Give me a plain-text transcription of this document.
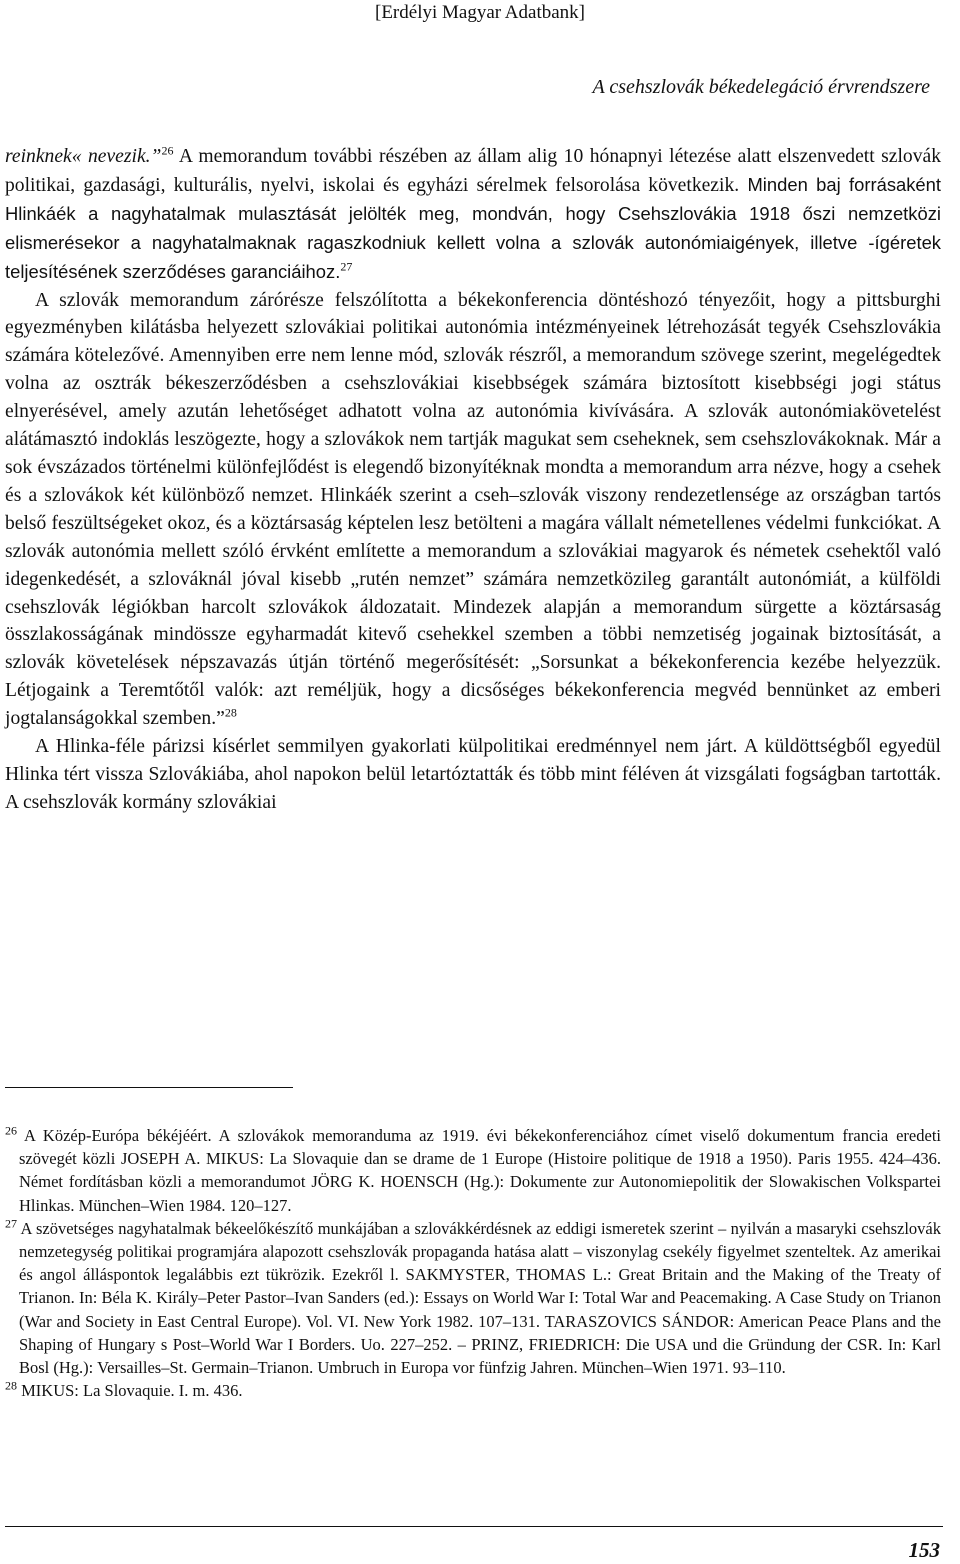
[Erdélyi Magyar Adatbank]
A csehszlovák békedelegáció érvrendszere

reinknek« nevezik.”$^{26}$ A memorandum további részében az állam alig 10 hónapnyi létezése alatt elszenvedett szlovák politikai, gazdasági, kulturális, nyelvi, iskolai és egyházi sérelmek felsorolása következik. Minden baj forrásaként Hlinkáék a nagyhatalmak mulasztását jelölték meg, mondván, hogy Csehszlovákia 1918 őszi nemzetközi elismerésekor a nagyhatalmaknak ragaszkodniuk kellett volna a szlovák autonómiaigények, illetve -ígéretek teljesítésének szerződéses garanciáihoz.$^{27}$

A szlovák memorandum zárórésze felszólította a békekonferencia döntéshozó tényezőit, hogy a pittsburghi egyezményben kilátásba helyezett szlovákiai politikai autonómia intézményeinek létrehozását tegyék Csehszlovákia számára kötelezővé. Amennyiben erre nem lenne mód, szlovák részről, a memorandum szövege szerint, megelégedtek volna az osztrák békeszerződésben a csehszlovákiai kisebbségek számára biztosított kisebbségi jogi státus elnyerésével, amely azután lehetőséget adhatott volna az autonómia kivívására. A szlovák autonómiakövetelést alátámasztó indoklás leszögezte, hogy a szlovákok nem tartják magukat sem cseheknek, sem csehszlovákoknak. Már a sok évszázados történelmi különfejlődést is elegendő bizonyítéknak mondta a memorandum arra nézve, hogy a csehek és a szlovákok két különböző nemzet. Hlinkáék szerint a cseh–szlovák viszony rendezetlensége az országban tartós belső feszültségeket okoz, és a köztársaság képtelen lesz betölteni a magára vállalt németellenes védelmi funkciókat. A szlovák autonómia mellett szóló érvként említette a memorandum a szlovákiai magyarok és németek csehektől való idegenkedését, a szlováknál jóval kisebb „rutén nemzet” számára nemzetközileg garantált autonómiát, a külföldi csehszlovák légiókban harcolt szlovákok áldozatait. Mindezek alapján a memorandum sürgette a köztársaság összlakosságának mindössze egyharmadát kitevő csehekkel szemben a többi nemzetiség jogainak biztosítását, a szlovák követelések népszavazás útján történő megerősítését: „Sorsunkat a békekonferencia kezébe helyezzük. Létjogaink a Teremtőtől valók: azt reméljük, hogy a dicsőséges békekonferencia megvéd bennünket az emberi jogtalanságokkal szemben.”$^{28}$

A Hlinka-féle párizsi kísérlet semmilyen gyakorlati külpolitikai eredménnyel nem járt. A küldöttségből egyedül Hlinka tért vissza Szlovákiába, ahol napokon belül letartóztatták és több mint féléven át vizsgálati fogságban tartották. A csehszlovák kormány szlovákiai

$^{26}$ A Közép-Európa békéjéért. A szlovákok memoranduma az 1919. évi békekonferenciához címet viselő dokumentum francia eredeti szövegét közli JOSEPH A. MIKUS: La Slovaquie dan se drame de 1 Europe (Histoire politique de 1918 a 1950). Paris 1955. 424–436. Német fordításban közli a memorandumot JÖRG K. HOENSCH (Hg.): Dokumente zur Autonomiepolitik der Slowakischen Volkspartei Hlinkas. München–Wien 1984. 120–127.

$^{27}$ A szövetséges nagyhatalmak békeelőkészítő munkájában a szlovákkérdésnek az eddigi ismeretek szerint – nyilván a masaryki csehszlovák nemzetegység politikai programjára alapozott csehszlovák propaganda hatása alatt – viszonylag csekély figyelmet szenteltek. Az amerikai és angol álláspontok legalábbis ezt tükrözik. Ezekről l. SAKMYSTER, THOMAS L.: Great Britain and the Making of the Treaty of Trianon. In: Béla K. Király–Peter Pastor–Ivan Sanders (ed.): Essays on World War I: Total War and Peacemaking. A Case Study on Trianon (War and Society in East Central Europe). Vol. VI. New York 1982. 107–131. TARASZOVICS SÁNDOR: American Peace Plans and the Shaping of Hungary s Post–World War I Borders. Uo. 227–252. – PRINZ, FRIEDRICH: Die USA und die Gründung der CSR. In: Karl Bosl (Hg.): Versailles–St. Germain–Trianon. Umbruch in Europa vor fünfzig Jahren. München–Wien 1971. 93–110.

$^{28}$ MIKUS: La Slovaquie. I. m. 436.

153
